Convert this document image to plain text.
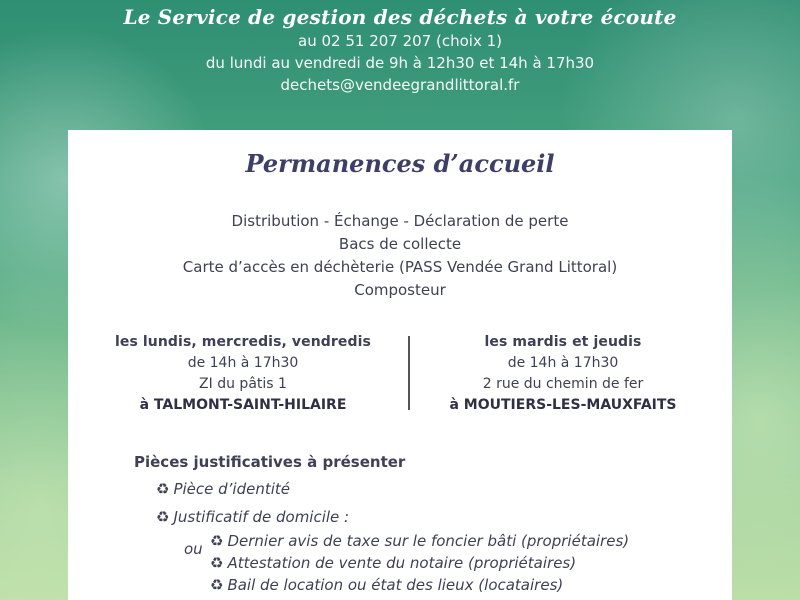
Le Service de gestion des déchets à votre écoute
au 02 51 207 207 (choix 1)
du lundi au vendredi de 9h à 12h30 et 14h à 17h30
dechets@vendeegrandlittoral.fr
Permanences d’accueil
Distribution - Échange - Déclaration de perte
Bacs de collecte
Carte d’accès en déchèterie (PASS Vendée Grand Littoral)
Composteur
les lundis, mercredis, vendredis
de 14h à 17h30
ZI du pâtis 1
à TALMONT-SAINT-HILAIRE
les mardis et jeudis
de 14h à 17h30
2 rue du chemin de fer
à MOUTIERS-LES-MAUXFAITS
Pièces justificatives à présenter
♻ Pièce d’identité
♻ Justificatif de domicile :
ou ♻ Dernier avis de taxe sur le foncier bâti (propriétaires)
♻ Attestation de vente du notaire (propriétaires)
♻ Bail de location ou état des lieux (locataires)
